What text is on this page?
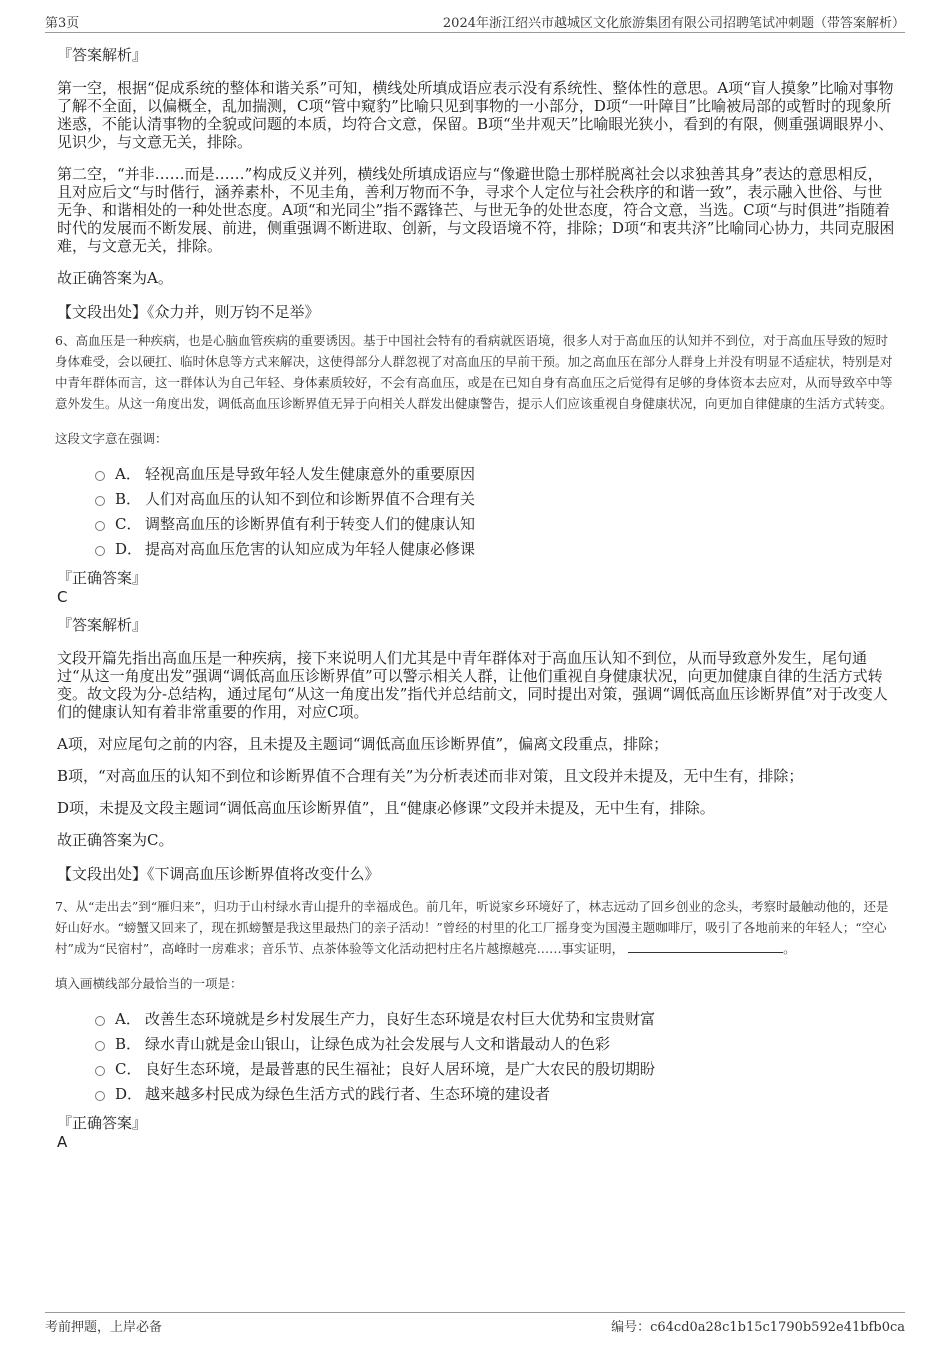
第3页	2024年浙江绍兴市越城区文化旅游集团有限公司招聘笔试冲刺题（带答案解析）
『答案解析』

第一空，根据“促成系统的整体和谐关系”可知，横线处所填成语应表示没有系统性、整体性的意思。A项“盲人摸象”比喻对事物了解不全面，以偏概全，乱加揣测，C项“管中窥豹”比喻只见到事物的一小部分，D项“一叶障目”比喻被局部的或暂时的现象所迷惑，不能认清事物的全貌或问题的本质，均符合文意，保留。B项“坐井观天”比喻眼光狭小，看到的有限，侧重强调眼界小、见识少，与文意无关，排除。

第二空，“并非……而是……”构成反义并列，横线处所填成语应与“像避世隐士那样脱离社会以求独善其身”表达的意思相反，且对应后文“与时偕行，涵养素朴，不见圭角，善利万物而不争，寻求个人定位与社会秩序的和谐一致”，表示融入世俗、与世无争、和谐相处的一种处世态度。A项“和光同尘”指不露锋芒、与世无争的处世态度，符合文意，当选。C项“与时俱进”指随着时代的发展而不断发展、前进，侧重强调不断进取、创新，与文段语境不符，排除；D项“和衷共济”比喻同心协力，共同克服困难，与文意无关，排除。

故正确答案为A。

【文段出处】《众力并，则万钧不足举》

6、高血压是一种疾病，也是心脑血管疾病的重要诱因。基于中国社会特有的看病就医语境，很多人对于高血压的认知并不到位，对于高血压导致的短时身体难受，会以硬扛、临时休息等方式来解决，这使得部分人群忽视了对高血压的早前干预。加之高血压在部分人群身上并没有明显不适症状，特别是对中青年群体而言，这一群体认为自己年轻、身体素质较好，不会有高血压，或是在已知自身有高血压之后觉得有足够的身体资本去应对，从而导致卒中等意外发生。从这一角度出发，调低高血压诊断界值无异于向相关人群发出健康警告，提示人们应该重视自身健康状况，向更加自律健康的生活方式转变。

这段文字意在强调：

A． 轻视高血压是导致年轻人发生健康意外的重要原因
B． 人们对高血压的认知不到位和诊断界值不合理有关
C． 调整高血压的诊断界值有利于转变人们的健康认知
D． 提高对高血压危害的认知应成为年轻人健康必修课
『正确答案』
C
『答案解析』

文段开篇先指出高血压是一种疾病，接下来说明人们尤其是中青年群体对于高血压认知不到位，从而导致意外发生，尾句通过“从这一角度出发”强调“调低高血压诊断界值”可以警示相关人群，让他们重视自身健康状况，向更加健康自律的生活方式转变。故文段为分-总结构，通过尾句“从这一角度出发”指代并总结前文，同时提出对策，强调“调低高血压诊断界值”对于改变人们的健康认知有着非常重要的作用，对应C项。

A项，对应尾句之前的内容，且未提及主题词“调低高血压诊断界值”，偏离文段重点，排除；

B项，“对高血压的认知不到位和诊断界值不合理有关”为分析表述而非对策，且文段并未提及，无中生有，排除；

D项，未提及文段主题词“调低高血压诊断界值”，且“健康必修课”文段并未提及，无中生有，排除。

故正确答案为C。

【文段出处】《下调高血压诊断界值将改变什么》

7、从“走出去”到“雁归来”，归功于山村绿水青山提升的幸福成色。前几年，听说家乡环境好了，林志远动了回乡创业的念头，考察时最触动他的，还是好山好水。“螃蟹又回来了，现在抓螃蟹是我这里最热门的亲子活动！”曾经的村里的化工厂摇身变为国漫主题咖啡厅，吸引了各地前来的年轻人；“空心村”成为“民宿村”，高峰时一房难求；音乐节、点茶体验等文化活动把村庄名片越擦越亮……事实证明，	。

填入画横线部分最恰当的一项是：

A． 改善生态环境就是乡村发展生产力，良好生态环境是农村巨大优势和宝贵财富
B． 绿水青山就是金山银山，让绿色成为社会发展与人文和谐最动人的色彩
C． 良好生态环境，是最普惠的民生福祉；良好人居环境，是广大农民的殷切期盼
D． 越来越多村民成为绿色生活方式的践行者、生态环境的建设者
『正确答案』
A
考前押题，上岸必备	编号：c64cd0a28c1b15c1790b592e41bfb0ca
